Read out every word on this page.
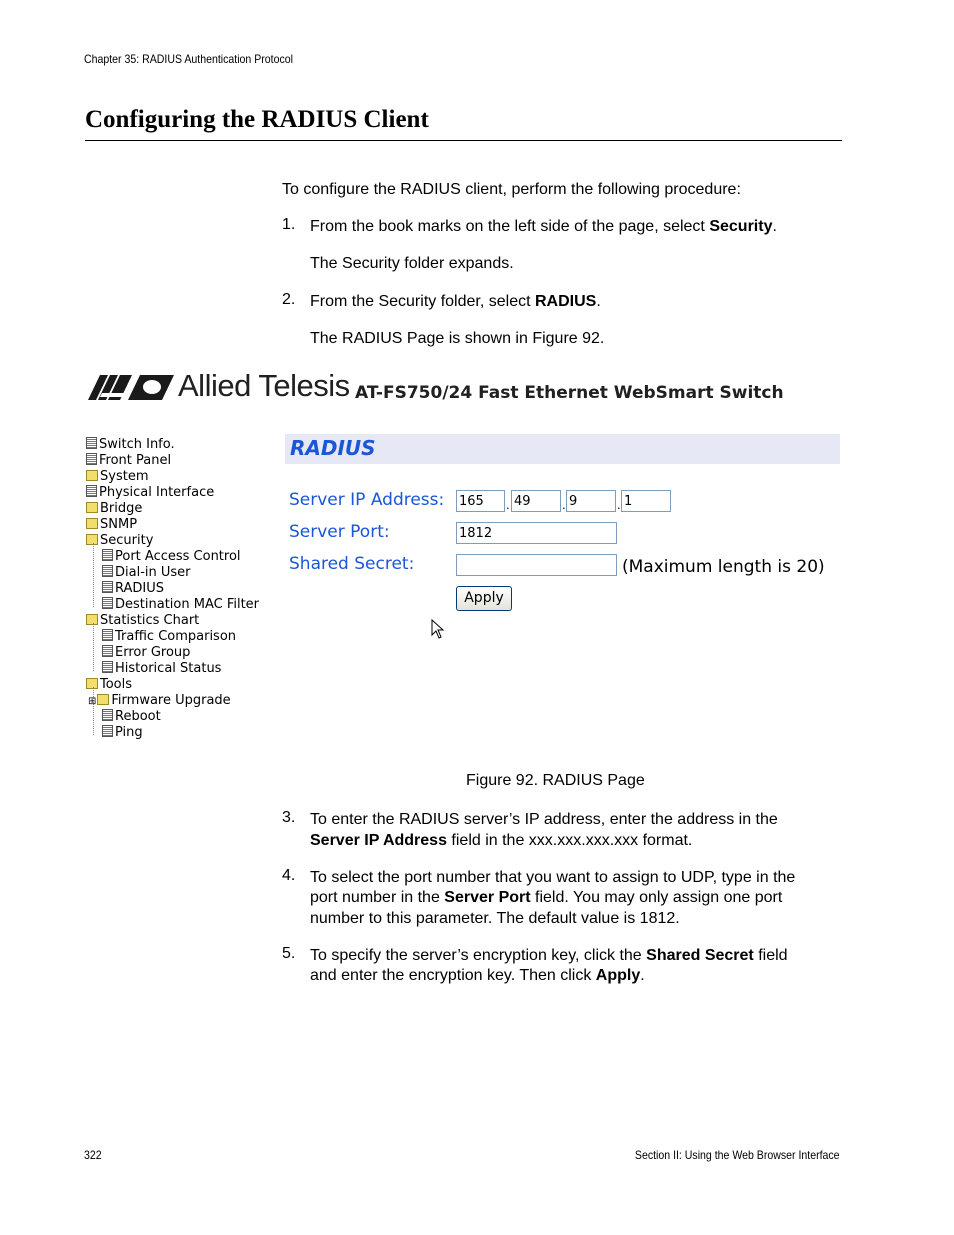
Chapter 35: RADIUS Authentication Protocol
Configuring the RADIUS Client
To configure the RADIUS client, perform the following procedure:
1. From the book marks on the left side of the page, select Security.
The Security folder expands.
2. From the Security folder, select RADIUS.
The RADIUS Page is shown in Figure 92.
Allied Telesis AT-FS750/24 Fast Ethernet WebSmart Switch
Switch Info.
Front Panel
System
Physical Interface
Bridge
SNMP
Security
Port Access Control
Dial-in User
RADIUS
Destination MAC Filter
Statistics Chart
Traffic Comparison
Error Group
Historical Status
Tools
⊞ Firmware Upgrade
Reboot
Ping
RADIUS
Server IP Address:
165	.
49	.
9	.
1
Server Port:
1812
Shared Secret:	(Maximum length is 20)
Apply
Figure 92. RADIUS Page
3. To enter the RADIUS server’s IP address, enter the address in the
Server IP Address field in the xxx.xxx.xxx.xxx format.
4. To select the port number that you want to assign to UDP, type in the
port number in the Server Port field. You may only assign one port
number to this parameter. The default value is 1812.
5. To specify the server’s encryption key, click the Shared Secret field
and enter the encryption key. Then click Apply.
322	Section II: Using the Web Browser Interface
